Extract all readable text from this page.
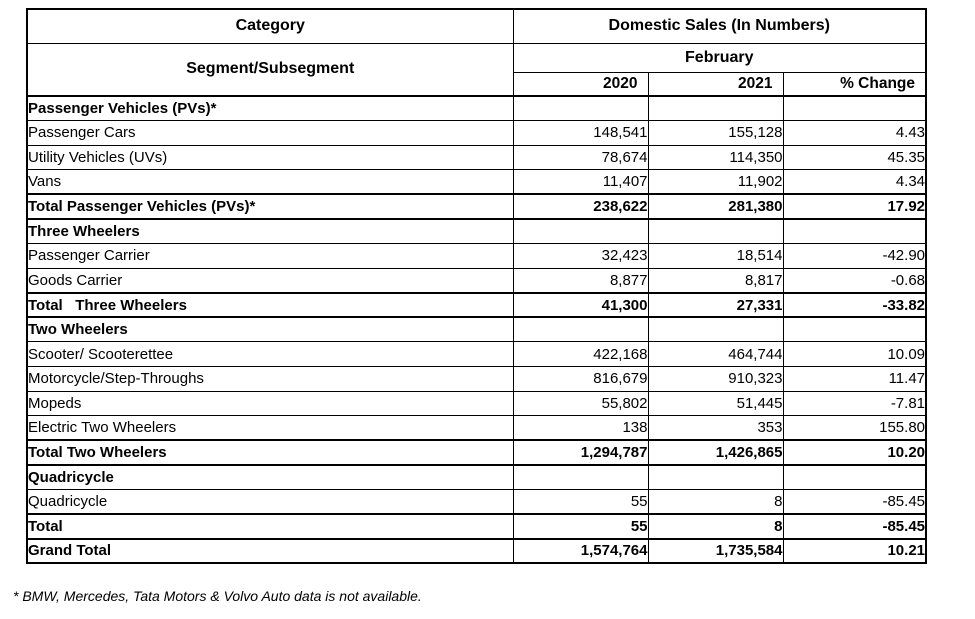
Category	Domestic Sales (In Numbers)		
Segment/Subsegment	February		
	2020	2021	% Change
Passenger Vehicles (PVs)*			
Passenger Cars	148,541	155,128	4.43
Utility Vehicles (UVs)	78,674	114,350	45.35
Vans	11,407	11,902	4.34
Total Passenger Vehicles (PVs)*	238,622	281,380	17.92
Three Wheelers			
Passenger Carrier	32,423	18,514	-42.90
Goods Carrier	8,877	8,817	-0.68
Total   Three Wheelers	41,300	27,331	-33.82
Two Wheelers			
Scooter/ Scooterettee	422,168	464,744	10.09
Motorcycle/Step-Throughs	816,679	910,323	11.47
Mopeds	55,802	51,445	-7.81
Electric Two Wheelers	138	353	155.80
Total Two Wheelers	1,294,787	1,426,865	10.20
Quadricycle			
Quadricycle	55	8	-85.45
Total	55	8	-85.45
Grand Total	1,574,764	1,735,584	10.21
* BMW, Mercedes, Tata Motors & Volvo Auto data is not available.
